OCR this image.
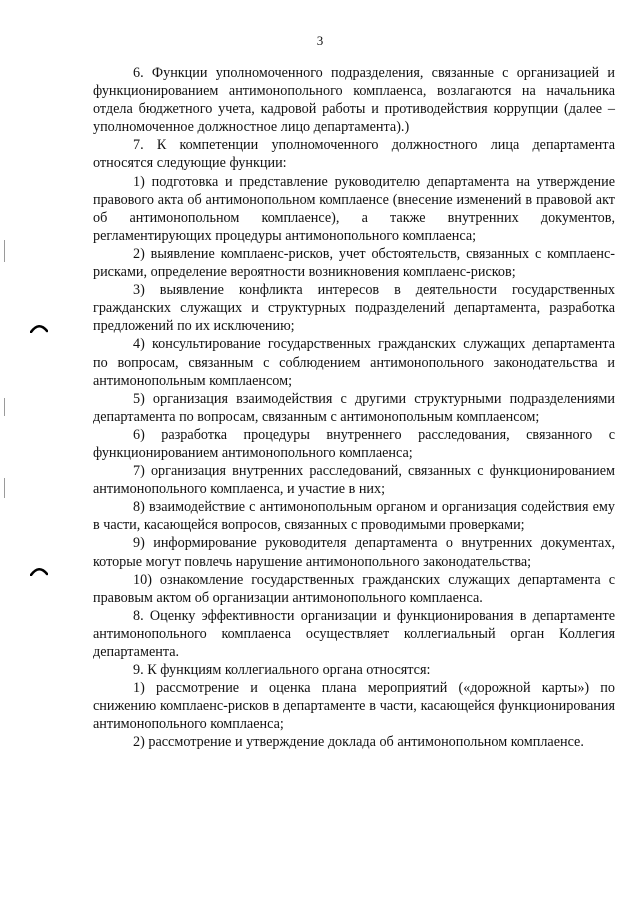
3

6. Функции уполномоченного подразделения, связанные с организацией и функционированием антимонопольного комплаенса, возлагаются на начальника отдела бюджетного учета, кадровой работы и противодействия коррупции (далее – уполномоченное должностное лицо департамента).)

7. К компетенции уполномоченного должностного лица департамента относятся следующие функции:

1) подготовка и представление руководителю департамента на утверждение правового акта об антимонопольном комплаенсе (внесение изменений в правовой акт об антимонопольном комплаенсе), а также внутренних документов, регламентирующих процедуры антимонопольного комплаенса;

2) выявление комплаенс-рисков, учет обстоятельств, связанных с комплаенс-рисками, определение вероятности возникновения комплаенс-рисков;

3) выявление конфликта интересов в деятельности государственных гражданских служащих и структурных подразделений департамента, разработка предложений по их исключению;

4) консультирование государственных гражданских служащих департамента по вопросам, связанным с соблюдением антимонопольного законодательства и антимонопольным комплаенсом;

5) организация взаимодействия с другими структурными подразделениями департамента по вопросам, связанным с антимонопольным комплаенсом;

6) разработка процедуры внутреннего расследования, связанного с функционированием антимонопольного комплаенса;

7) организация внутренних расследований, связанных с функционированием антимонопольного комплаенса, и участие в них;

8) взаимодействие с антимонопольным органом и организация содействия ему в части, касающейся вопросов, связанных с проводимыми проверками;

9) информирование руководителя департамента о внутренних документах, которые могут повлечь нарушение антимонопольного законодательства;

10) ознакомление государственных гражданских служащих департамента с правовым актом об организации антимонопольного комплаенса.

8. Оценку эффективности организации и функционирования в департаменте антимонопольного комплаенса осуществляет коллегиальный орган Коллегия департамента.

9. К функциям коллегиального органа относятся:

1) рассмотрение и оценка плана мероприятий («дорожной карты») по снижению комплаенс-рисков в департаменте в части, касающейся функционирования антимонопольного комплаенса;

2) рассмотрение и утверждение доклада об антимонопольном комплаенсе.
